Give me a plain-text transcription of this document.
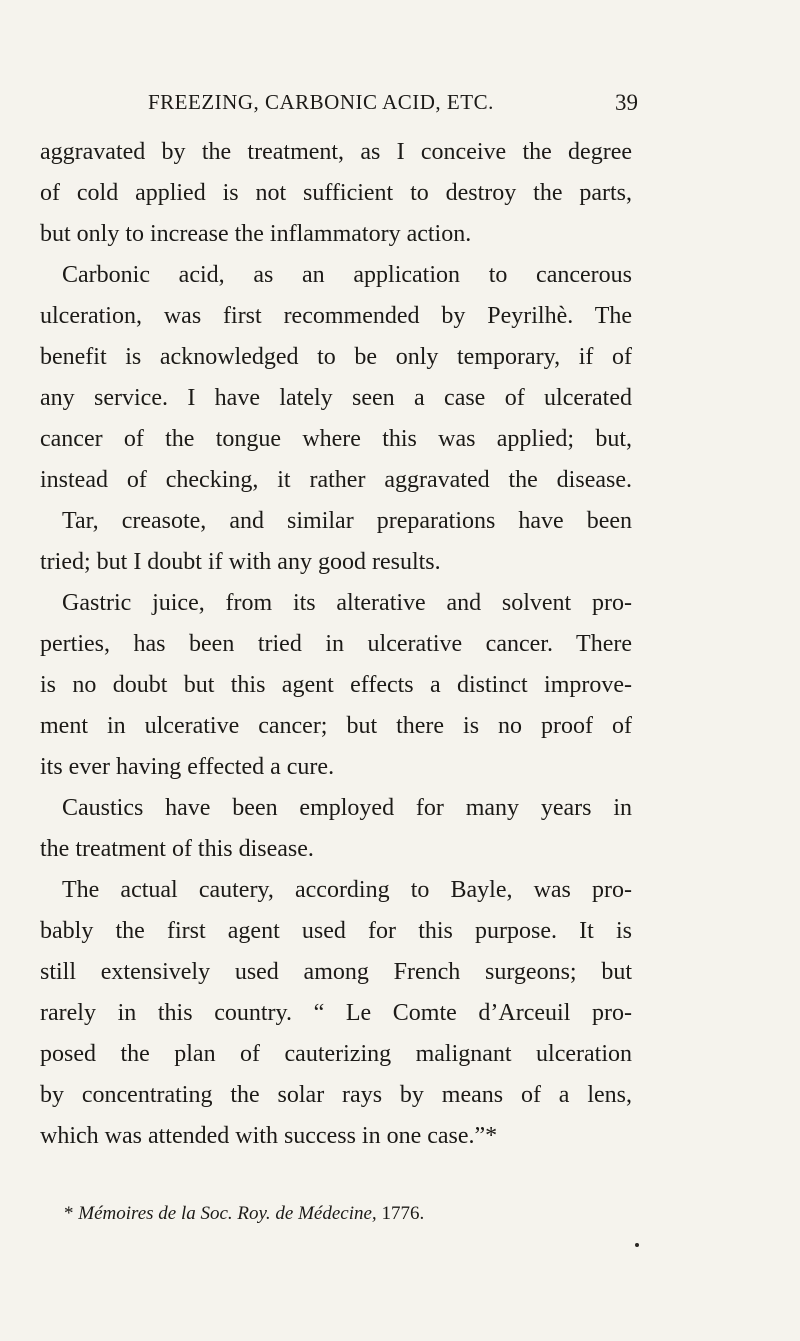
FREEZING, CARBONIC ACID, ETC.	39
aggravated by the treatment, as I conceive the degree
of cold applied is not sufficient to destroy the parts,
but only to increase the inflammatory action.
Carbonic acid, as an application to cancerous
ulceration, was first recommended by Peyrilhè. The
benefit is acknowledged to be only temporary, if of
any service. I have lately seen a case of ulcerated
cancer of the tongue where this was applied; but,
instead of checking, it rather aggravated the disease.
Tar, creasote, and similar preparations have been
tried; but I doubt if with any good results.
Gastric juice, from its alterative and solvent pro-
perties, has been tried in ulcerative cancer. There
is no doubt but this agent effects a distinct improve-
ment in ulcerative cancer; but there is no proof of
its ever having effected a cure.
Caustics have been employed for many years in
the treatment of this disease.
The actual cautery, according to Bayle, was pro-
bably the first agent used for this purpose. It is
still extensively used among French surgeons; but
rarely in this country. “ Le Comte d’Arceuil pro-
posed the plan of cauterizing malignant ulceration
by concentrating the solar rays by means of a lens,
which was attended with success in one case.”*
* Mémoires de la Soc. Roy. de Médecine, 1776.
